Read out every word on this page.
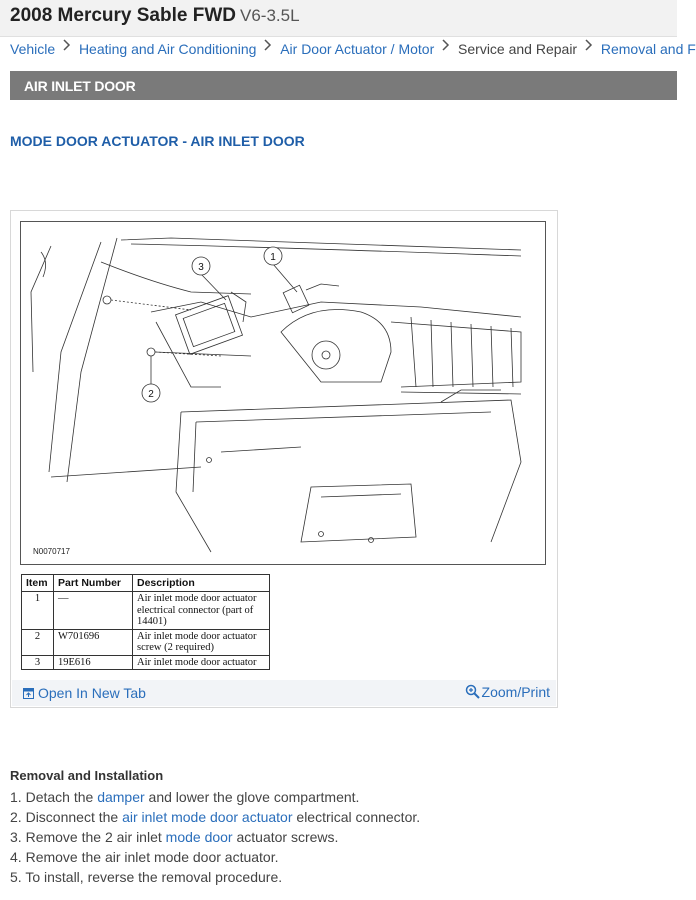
2008 Mercury Sable FWD V6-3.5L
Vehicle Heating and Air Conditioning Air Door Actuator / Motor Service and Repair Removal and F
AIR INLET DOOR
MODE DOOR ACTUATOR - AIR INLET DOOR
3
1
2
N0070717
Item	Part Number	Description
1	—	Air inlet mode door actuator
electrical connector (part of
14401)

2	W701696	Air inlet mode door actuator
screw (2 required)

3	19E616	Air inlet mode door actuator
Open In New Tab	Zoom/Print
Removal and Installation
1. Detach the damper and lower the glove compartment.
2. Disconnect the air inlet mode door actuator electrical connector.
3. Remove the 2 air inlet mode door actuator screws.
4. Remove the air inlet mode door actuator.
5. To install, reverse the removal procedure.
